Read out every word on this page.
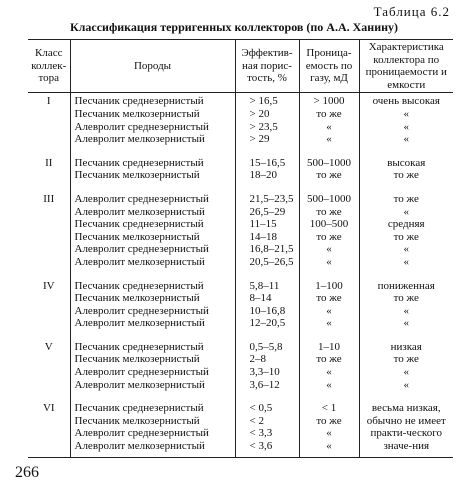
Таблица 6.2
Классификация терригенных коллекторов (по А.А. Ханину)
Класс коллек-тора	Породы	Эффектив-ная порис-тость, %	Проница-емость по газу, мД	Характеристика коллектора по проницаемости и емкости
I	Песчаник среднезернистый	> 16,5	> 1000	очень высокая
	Песчаник мелкозернистый	> 20	то же	«
	Алевролит среднезернистый	> 23,5	«	«
	Алевролит мелкозернистый	> 29	«	«

II	Песчаник среднезернистый	15–16,5	500–1000	высокая
	Песчаник мелкозернистый	18–20	то же	то же

III	Алевролит среднезернистый	21,5–23,5	500–1000	то же
	Алевролит мелкозернистый	26,5–29	то же	«
	Песчаник среднезернистый	11–15	100–500	средняя
	Песчаник мелкозернистый	14–18	то же	то же
	Алевролит среднезернистый	16,8–21,5	«	«
	Алевролит мелкозернистый	20,5–26,5	«	«

IV	Песчаник среднезернистый	5,8–11	1–100	пониженная
	Песчаник мелкозернистый	8–14	то же	то же
	Алевролит среднезернистый	10–16,8	«	«
	Алевролит мелкозернистый	12–20,5	«	«

V	Песчаник среднезернистый	0,5–5,8	1–10	низкая
	Песчаник мелкозернистый	2–8	то же	то же
	Алевролит среднезернистый	3,3–10	«	«
	Алевролит мелкозернистый	3,6–12	«	«

VI	Песчаник среднезернистый	< 0,5	< 1	весьма низкая, обычно не имеет практи-ческого значе-ния
	Песчаник мелкозернистый	< 2	то же	
	Алевролит среднезернистый	< 3,3	«	
	Алевролит мелкозернистый	< 3,6	«	
266
